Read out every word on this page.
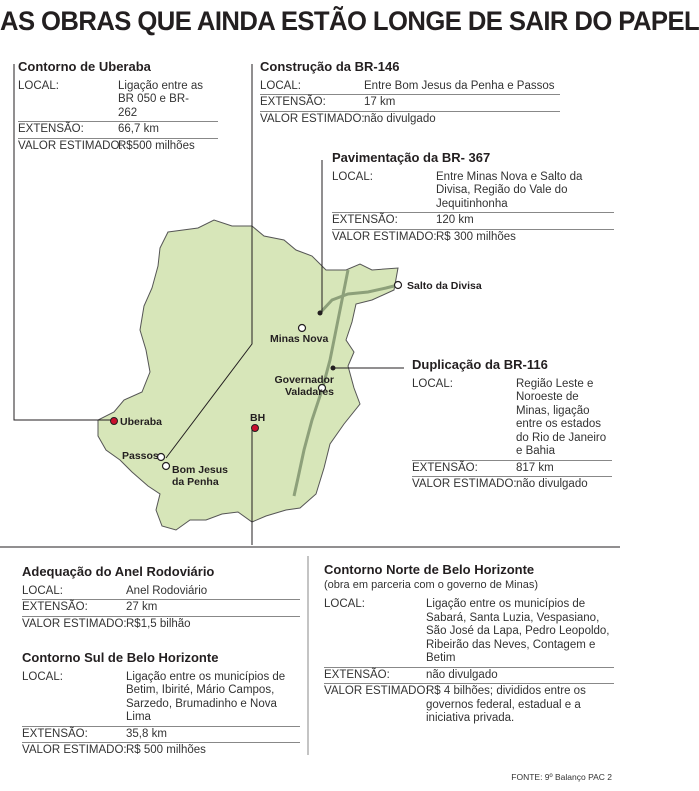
AS OBRAS QUE AINDA ESTÃO LONGE DE SAIR DO PAPEL
Salto da Divisa
Minas Nova
Governador Valadares
Uberaba	BH
Passos
Bom Jesus da Penha
Contorno de Uberaba
LOCAL:	Ligação entre as BR 050 e BR- 262
EXTENSÃO:	66,7 km
VALOR ESTIMADO:
R$500 milhões
Construção da BR-146
LOCAL:	Entre Bom Jesus da Penha e Passos
EXTENSÃO:	17 km
VALOR ESTIMADO: não divulgado
Pavimentação da BR- 367
LOCAL:	Entre Minas Nova e Salto da Divisa, Região do Vale do Jequitinhonha
EXTENSÃO:	120 km
VALOR ESTIMADO: R$ 300 milhões
Duplicação da BR-116
LOCAL:	Região Leste e Noroeste de Minas, ligação entre os estados do Rio de Janeiro e Bahia
EXTENSÃO:	817 km
VALOR ESTIMADO: não divulgado
Adequação do Anel Rodoviário
LOCAL:	Anel Rodoviário
EXTENSÃO:	27 km
VALOR ESTIMADO: R$1,5 bilhão
Contorno Sul de Belo Horizonte
LOCAL:	Ligação entre os municípios de Betim, Ibirité, Mário Campos, Sarzedo, Brumadinho e Nova Lima
EXTENSÃO:	35,8 km
VALOR ESTIMADO: R$ 500 milhões
Contorno Norte de Belo Horizonte
(obra em parceria com o governo de Minas)
LOCAL:	Ligação entre os municípios de Sabará, Santa Luzia, Vespasiano, São José da Lapa, Pedro Leopoldo, Ribeirão das Neves, Contagem e Betim
EXTENSÃO:	não divulgado
VALOR ESTIMADO:
R$ 4 bilhões; divididos entre os governos federal, estadual e a iniciativa privada.
FONTE: 9º Balanço PAC 2
